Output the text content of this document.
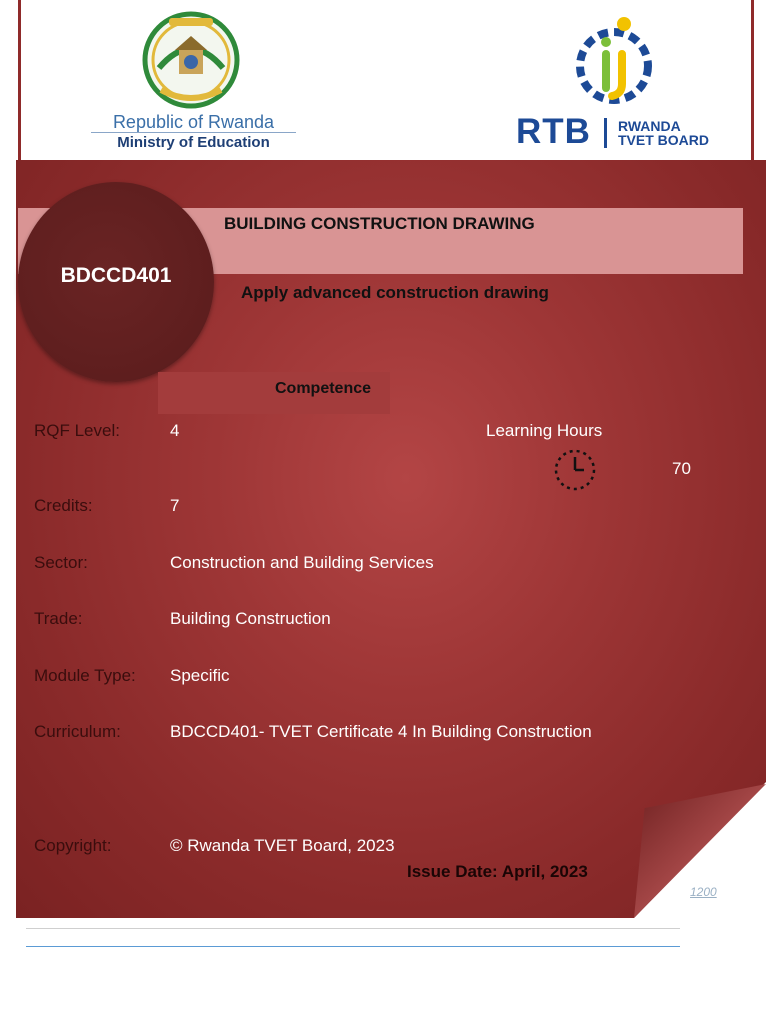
Republic of Rwanda
Ministry of Education	RTB RWANDA
TVET BOARD
BDCCD401
BUILDING CONSTRUCTION DRAWING
Apply advanced construction drawing
Competence
RQF Level:	4	Learning Hours
70
Credits:	7
Sector:	Construction and Building Services
Trade:	Building Construction
Module Type: Specific
Curriculum:	BDCCD401- TVET Certificate 4 In Building Construction
Copyright:	© Rwanda TVET Board, 2023
Issue Date: April, 2023
1200
